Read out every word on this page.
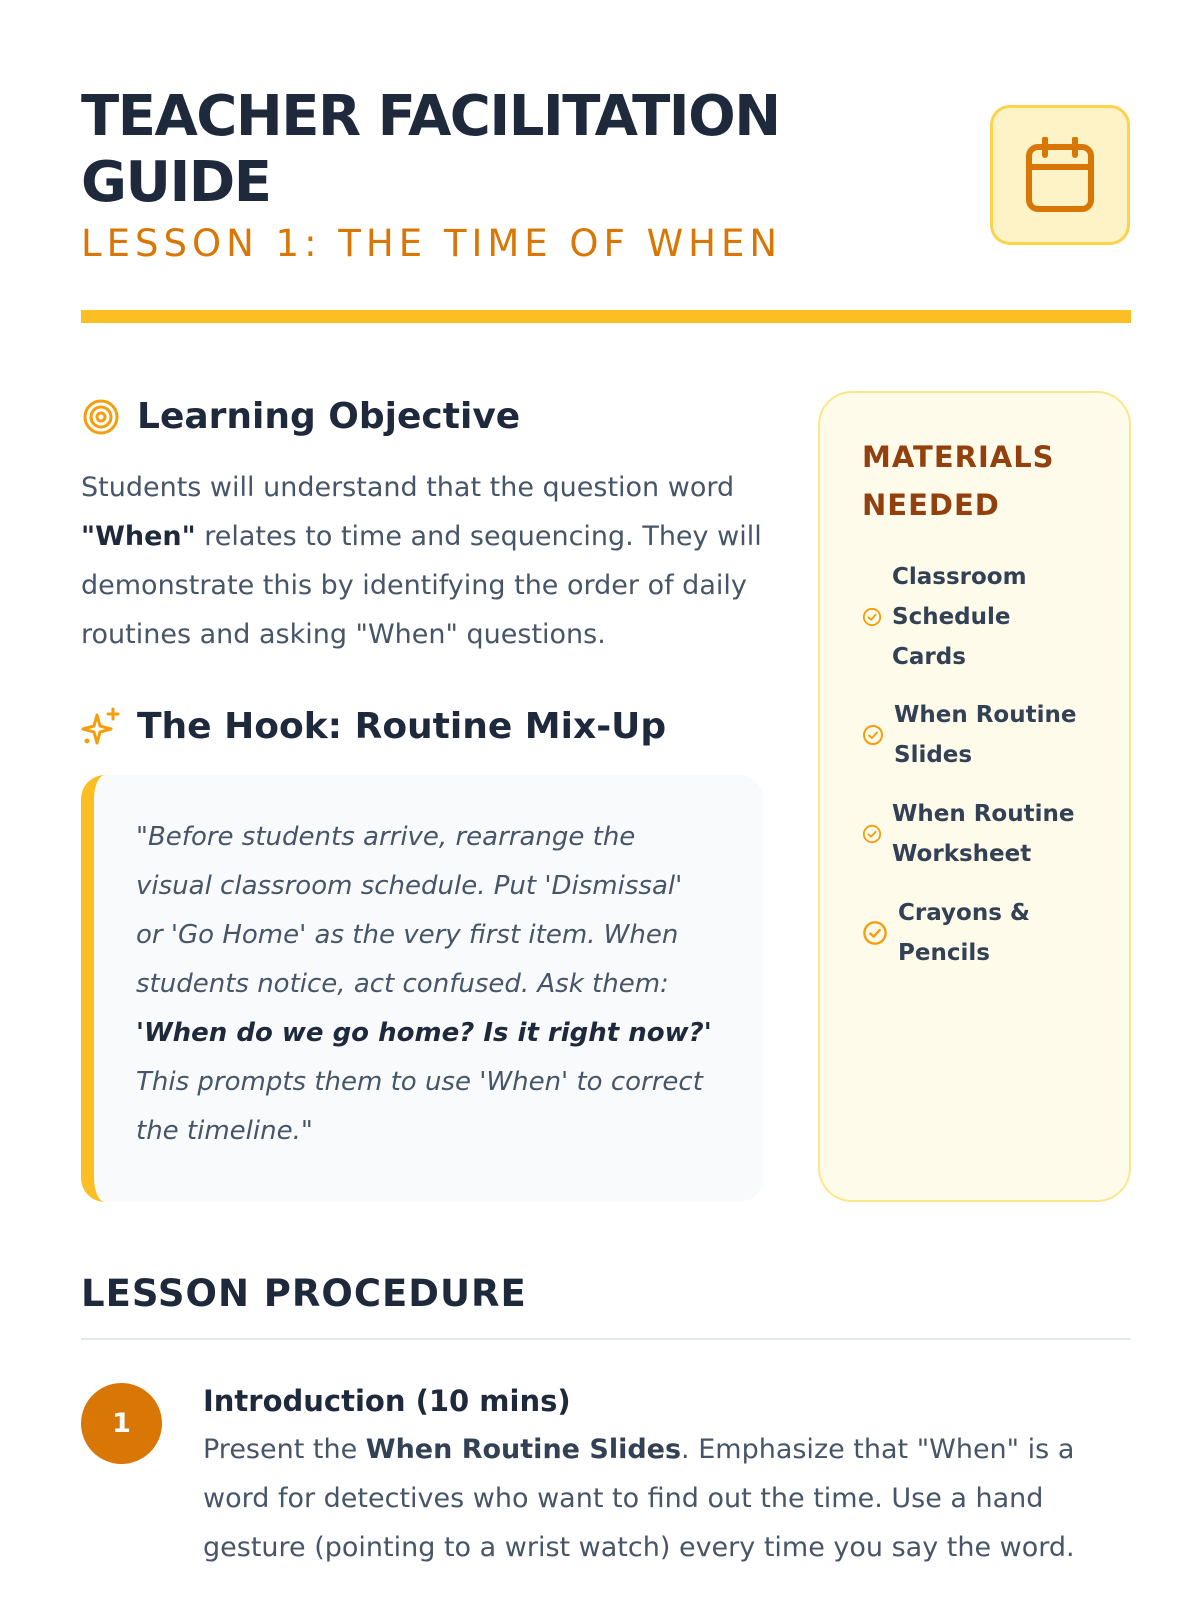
TEACHER FACILITATION GUIDE
LESSON 1: THE TIME OF WHEN
Learning Objective

Students will understand that the question word "When" relates to time and sequencing. They will demonstrate this by identifying the order of daily routines and asking "When" questions.

The Hook: Routine Mix-Up
"Before students arrive, rearrange the visual classroom schedule. Put 'Dismissal' or 'Go Home' as the very first item. When students notice, act confused. Ask them: 'When do we go home? Is it right now?' This prompts them to use 'When' to correct the timeline."
MATERIALS NEEDED
Classroom Schedule Cards
When Routine Slides
When Routine Worksheet
Crayons & Pencils
LESSON PROCEDURE
1
Introduction (10 mins)

Present the When Routine Slides. Emphasize that "When" is a word for detectives who want to find out the time. Use a hand gesture (pointing to a wrist watch) every time you say the word.
